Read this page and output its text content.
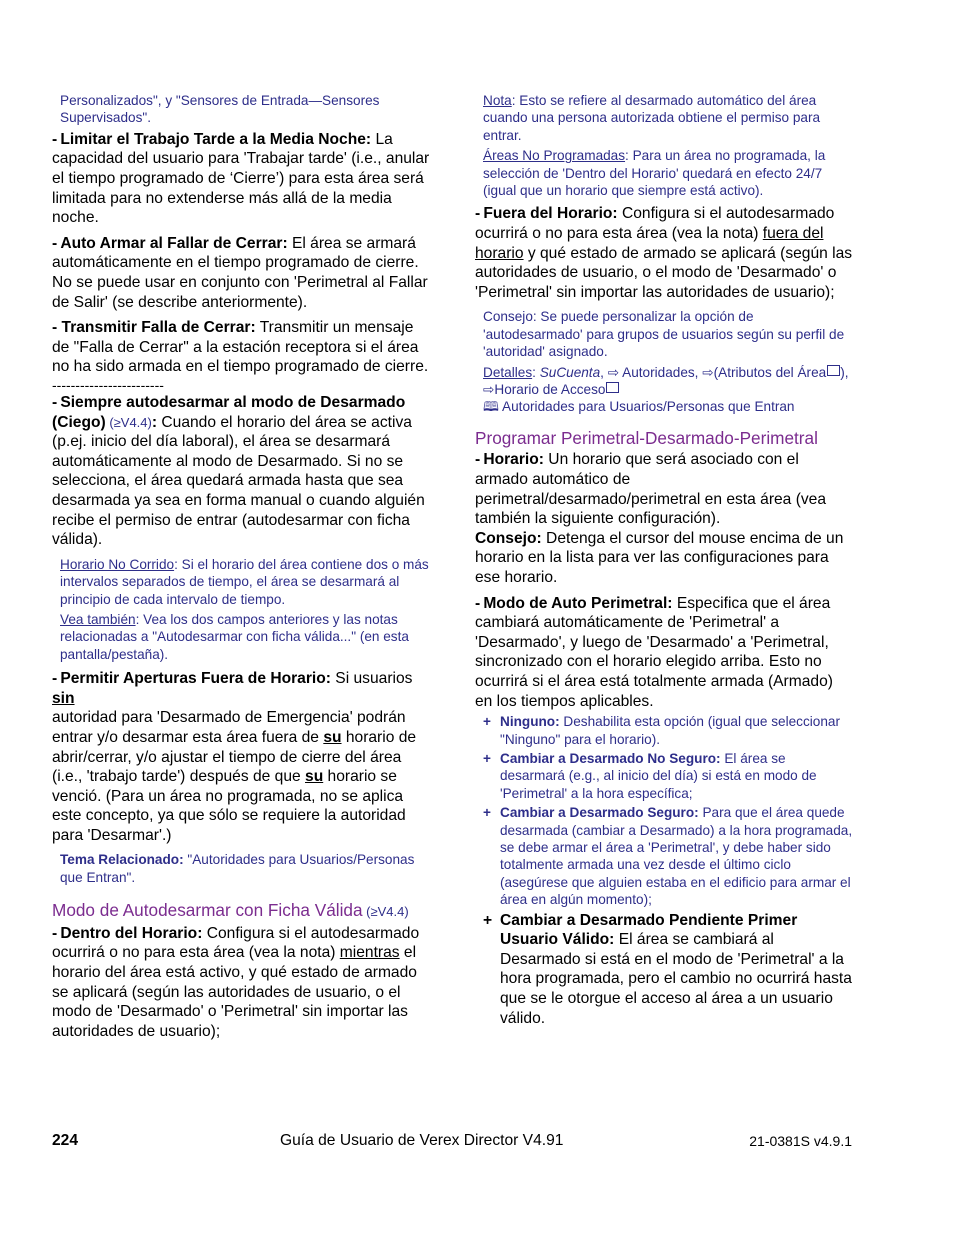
Personalizados", y "Sensores de Entrada—Sensores Supervisados".
- Limitar el Trabajo Tarde a la Media Noche: La capacidad del usuario para 'Trabajar tarde' (i.e., anular el tiempo programado de ‘Cierre’) para esta área será limitada para no extenderse más allá de la media noche.
- Auto Armar al Fallar de Cerrar: El área se armará automáticamente en el tiempo programado de cierre. No se puede usar en conjunto con 'Perimetral al Fallar de Salir' (se describe anteriormente).
- Transmitir Falla de Cerrar: Transmitir un mensaje de "Falla de Cerrar" a la estación receptora si el área no ha sido armada en el tiempo programado de cierre.
------------------------
- Siempre autodesarmar al modo de Desarmado (Ciego) (≥V4.4): Cuando el horario del área se activa (p.ej. inicio del día laboral), el área se desarmará automáticamente al modo de Desarmado. Si no se selecciona, el área quedará armada hasta que sea desarmada ya sea en forma manual o cuando alguién recibe el permiso de entrar (autodesarmar con ficha válida).
Horario No Corrido: Si el horario del área contiene dos o más intervalos separados de tiempo, el área se desarmará al principio de cada intervalo de tiempo.
Vea también: Vea los dos campos anteriores y las notas relacionadas a "Autodesarmar con ficha válida..." (en esta pantalla/pestaña).
- Permitir Aperturas Fuera de Horario: Si usuarios sin
autoridad para 'Desarmado de Emergencia' podrán entrar y/o desarmar esta área fuera de su horario de abrir/cerrar, y/o ajustar el tiempo de cierre del área (i.e., 'trabajo tarde') después de que su horario se venció. (Para un área no programada, no se aplica este concepto, ya que sólo se requiere la autoridad para 'Desarmar'.)
Tema Relacionado: "Autoridades para Usuarios/Personas que Entran".
Modo de Autodesarmar con Ficha Válida (≥V4.4)
- Dentro del Horario: Configura si el autodesarmado ocurrirá o no para esta área (vea la nota) mientras el horario del área está activo, y qué estado de armado se aplicará (según las autoridades de usuario, o el modo de 'Desarmado' o 'Perimetral' sin importar las autoridades de usuario);
Nota: Esto se refiere al desarmado automático del área cuando una persona autorizada obtiene el permiso para entrar.
Áreas No Programadas: Para un área no programada, la selección de 'Dentro del Horario' quedará en efecto 24/7 (igual que un horario que siempre está activo).
- Fuera del Horario: Configura si el autodesarmado ocurrirá o no para esta área (vea la nota) fuera del horario y qué estado de armado se aplicará (según las autoridades de usuario, o el modo de 'Desarmado' o 'Perimetral' sin importar las autoridades de usuario);
Consejo: Se puede personalizar la opción de 'autodesarmado' para grupos de usuarios según su perfil de 'autoridad' asignado.
Detalles: SuCuenta, ⇨ Autoridades, ⇨(Atributos del Área ), ⇨Horario de Acceso
🕮 Autoridades para Usuarios/Personas que Entran
Programar Perimetral-Desarmado-Perimetral
- Horario: Un horario que será asociado con el armado automático de perimetral/desarmado/perimetral en esta área (vea también la siguiente configuración).
Consejo: Detenga el cursor del mouse encima de un horario en la lista para ver las configuraciones para ese horario.
- Modo de Auto Perimetral: Especifica que el área cambiará automáticamente de 'Perimetral' a 'Desarmado', y luego de 'Desarmado' a 'Perimetral, sincronizado con el horario elegido arriba. Esto no ocurrirá si el área está totalmente armada (Armado) en los tiempos aplicables.
+ Ninguno: Deshabilita esta opción (igual que seleccionar "Ninguno" para el horario).
+ Cambiar a Desarmado No Seguro: El área se desarmará (e.g., al inicio del día) si está en modo de 'Perimetral' a la hora específica;
+ Cambiar a Desarmado Seguro: Para que el área quede desarmada (cambiar a Desarmado) a la hora programada, se debe armar el área a 'Perimetral', y debe haber sido totalmente armada una vez desde el último ciclo (asegúrese que alguien estaba en el edificio para armar el área en algún momento);
+ Cambiar a Desarmado Pendiente Primer Usuario Válido: El área se cambiará al Desarmado si está en el modo de 'Perimetral' a la hora programada, pero el cambio no ocurrirá hasta que se le otorgue el acceso al área a un usuario válido.
224	Guía de Usuario de Verex Director V4.91	21-0381S v4.9.1
